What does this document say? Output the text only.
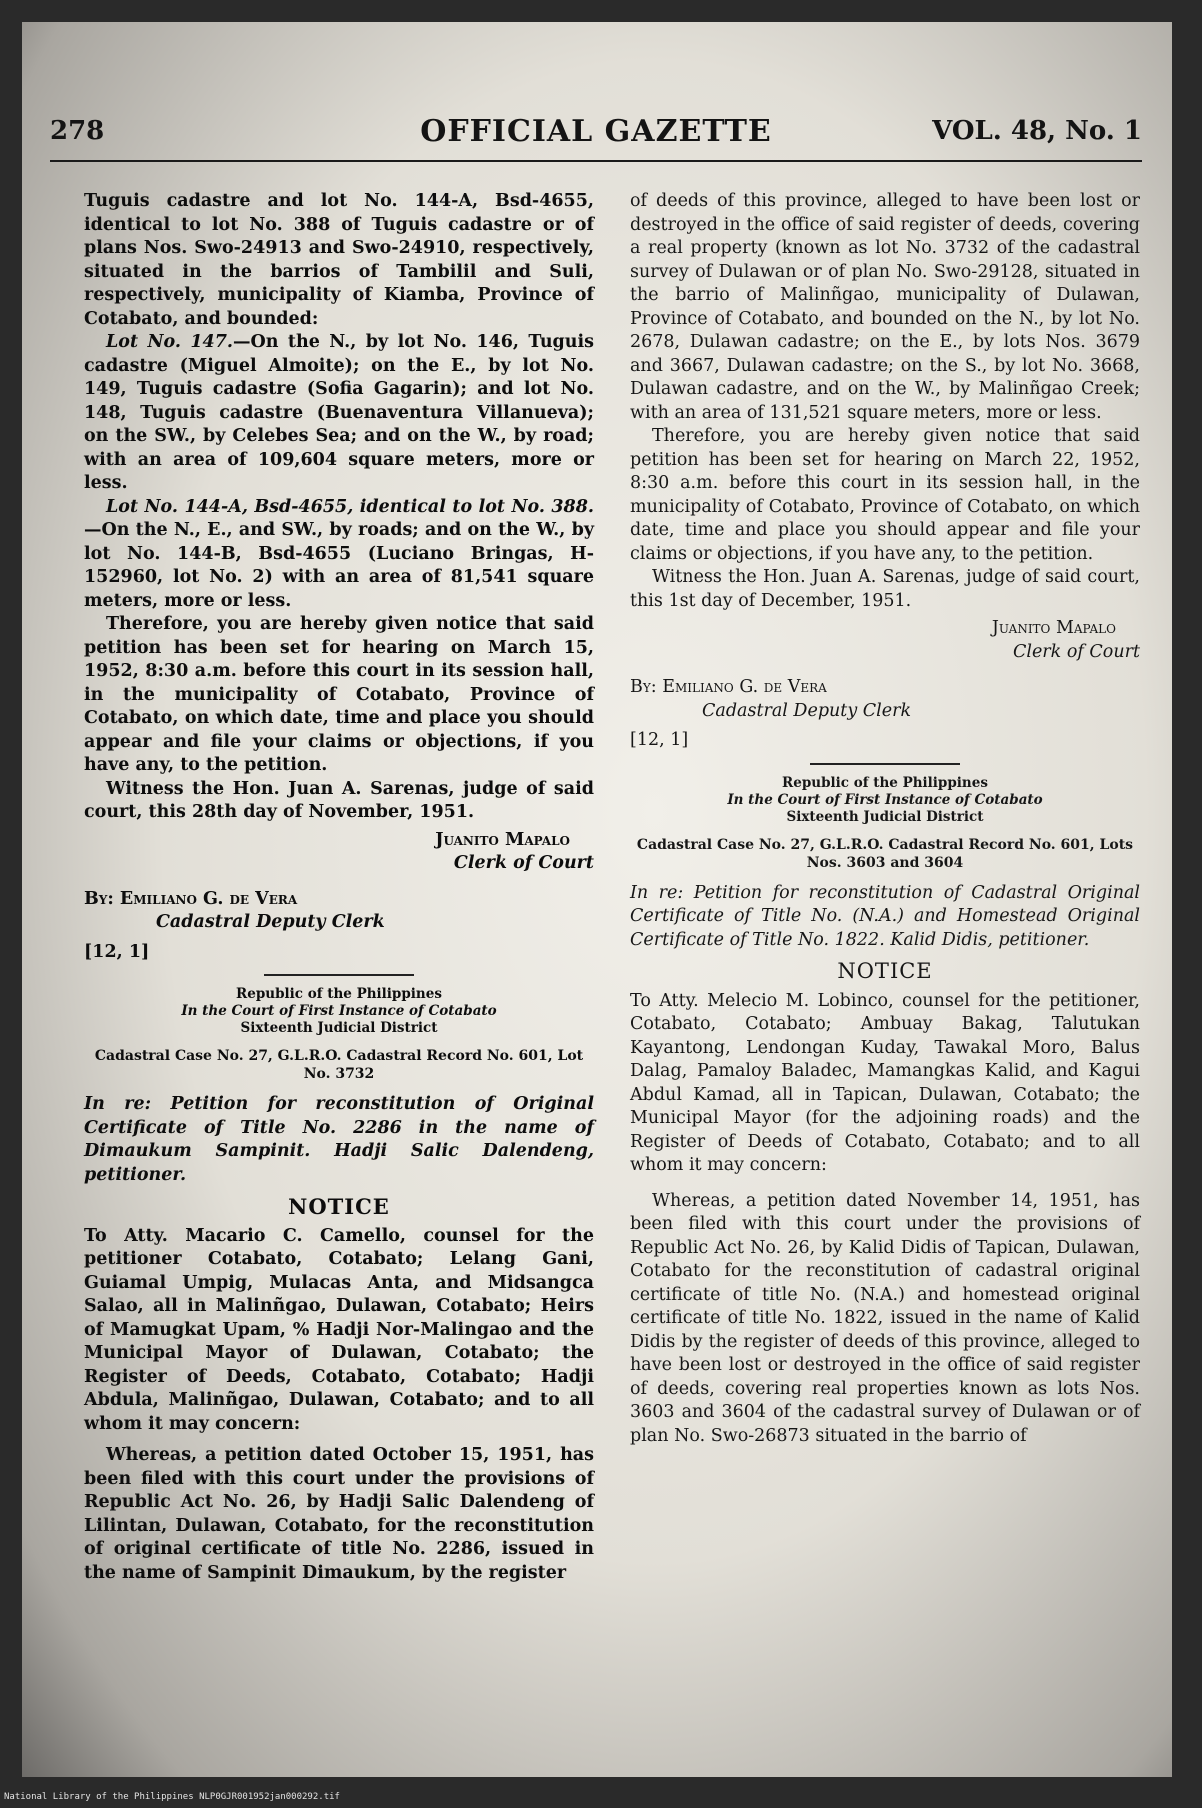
278	OFFICIAL GAZETTE	VOL. 48, No. 1

Tuguis cadastre and lot No. 144-A, Bsd-4655, identical to lot No. 388 of Tuguis cadastre or of plans Nos. Swo-24913 and Swo-24910, respectively, situated in the barrios of Tambilil and Suli, respectively, municipality of Kiamba, Province of Cotabato, and bounded:

Lot No. 147.—On the N., by lot No. 146, Tuguis cadastre (Miguel Almoite); on the E., by lot No. 149, Tuguis cadastre (Sofia Gagarin); and lot No. 148, Tuguis cadastre (Buenaventura Villanueva); on the SW., by Celebes Sea; and on the W., by road; with an area of 109,604 square meters, more or less.

Lot No. 144-A, Bsd-4655, identical to lot No. 388.—On the N., E., and SW., by roads; and on the W., by lot No. 144-B, Bsd-4655 (Luciano Bringas, H-152960, lot No. 2) with an area of 81,541 square meters, more or less.

Therefore, you are hereby given notice that said petition has been set for hearing on March 15, 1952, 8:30 a.m. before this court in its session hall, in the municipality of Cotabato, Province of Cotabato, on which date, time and place you should appear and file your claims or objections, if you have any, to the petition.

Witness the Hon. Juan A. Sarenas, judge of said court, this 28th day of November, 1951.

Juanito Mapalo

Clerk of Court

By: Emiliano G. de Vera

Cadastral Deputy Clerk

[12, 1]

Republic of the Philippines

In the Court of First Instance of Cotabato

Sixteenth Judicial District

Cadastral Case No. 27, G.L.R.O. Cadastral Record No. 601, Lot No. 3732

In re: Petition for reconstitution of Original Certificate of Title No. 2286 in the name of Dimaukum Sampinit. Hadji Salic Dalendeng, petitioner.

NOTICE

To Atty. Macario C. Camello, counsel for the petitioner Cotabato, Cotabato; Lelang Gani, Guiamal Umpig, Mulacas Anta, and Midsangca Salao, all in Malinñgao, Dulawan, Cotabato; Heirs of Mamugkat Upam, % Hadji Nor-Malingao and the Municipal Mayor of Dulawan, Cotabato; the Register of Deeds, Cotabato, Cotabato; Hadji Abdula, Malinñgao, Dulawan, Cotabato; and to all whom it may concern:

Whereas, a petition dated October 15, 1951, has been filed with this court under the provisions of Republic Act No. 26, by Hadji Salic Dalendeng of Lilintan, Dulawan, Cotabato, for the reconstitution of original certificate of title No. 2286, issued in the name of Sampinit Dimaukum, by the register

of deeds of this province, alleged to have been lost or destroyed in the office of said register of deeds, covering a real property (known as lot No. 3732 of the cadastral survey of Dulawan or of plan No. Swo-29128, situated in the barrio of Malinñgao, municipality of Dulawan, Province of Cotabato, and bounded on the N., by lot No. 2678, Dulawan cadastre; on the E., by lots Nos. 3679 and 3667, Dulawan cadastre; on the S., by lot No. 3668, Dulawan cadastre, and on the W., by Malinñgao Creek; with an area of 131,521 square meters, more or less.

Therefore, you are hereby given notice that said petition has been set for hearing on March 22, 1952, 8:30 a.m. before this court in its session hall, in the municipality of Cotabato, Province of Cotabato, on which date, time and place you should appear and file your claims or objections, if you have any, to the petition.

Witness the Hon. Juan A. Sarenas, judge of said court, this 1st day of December, 1951.

Juanito Mapalo

Clerk of Court

By: Emiliano G. de Vera

Cadastral Deputy Clerk

[12, 1]

Republic of the Philippines

In the Court of First Instance of Cotabato

Sixteenth Judicial District

Cadastral Case No. 27, G.L.R.O. Cadastral Record No. 601, Lots Nos. 3603 and 3604

In re: Petition for reconstitution of Cadastral Original Certificate of Title No. (N.A.) and Homestead Original Certificate of Title No. 1822. Kalid Didis, petitioner.

NOTICE

To Atty. Melecio M. Lobinco, counsel for the petitioner, Cotabato, Cotabato; Ambuay Bakag, Talutukan Kayantong, Lendongan Kuday, Tawakal Moro, Balus Dalag, Pamaloy Baladec, Mamangkas Kalid, and Kagui Abdul Kamad, all in Tapican, Dulawan, Cotabato; the Municipal Mayor (for the adjoining roads) and the Register of Deeds of Cotabato, Cotabato; and to all whom it may concern:

Whereas, a petition dated November 14, 1951, has been filed with this court under the provisions of Republic Act No. 26, by Kalid Didis of Tapican, Dulawan, Cotabato for the reconstitution of cadastral original certificate of title No. (N.A.) and homestead original certificate of title No. 1822, issued in the name of Kalid Didis by the register of deeds of this province, alleged to have been lost or destroyed in the office of said register of deeds, covering real properties known as lots Nos. 3603 and 3604 of the cadastral survey of Dulawan or of plan No. Swo-26873 situated in the barrio of

National Library of the Philippines NLP0GJR001952jan000292.tif
